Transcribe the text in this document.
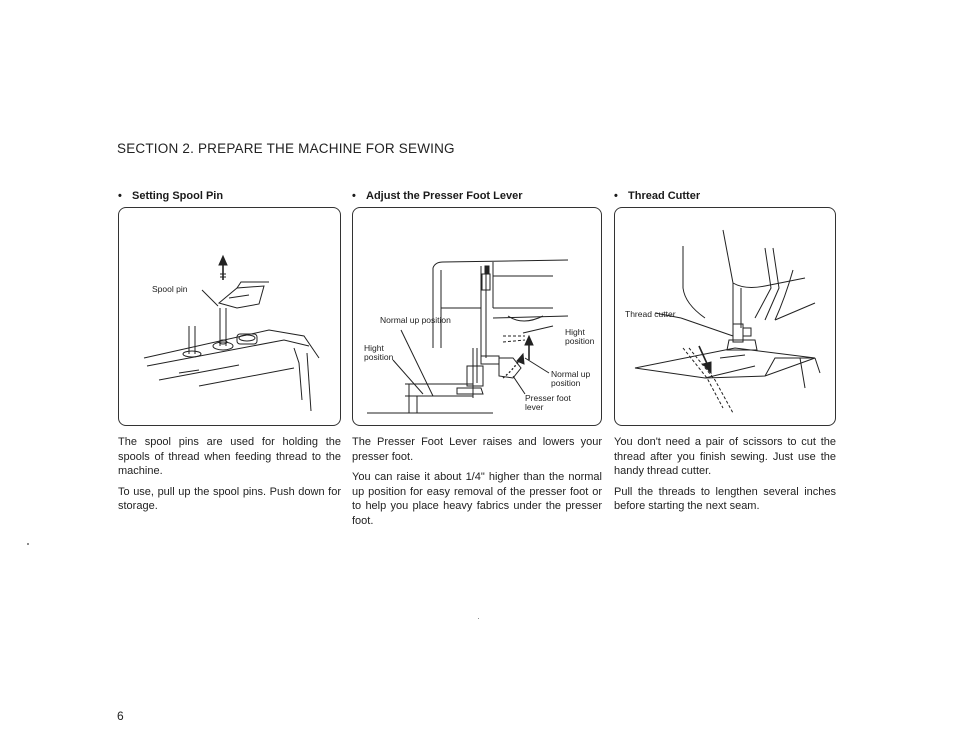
SECTION 2. PREPARE THE MACHINE FOR SEWING
• Setting Spool Pin
Spool pin

The spool pins are used for holding the spools of thread when feeding thread to the machine.

To use, pull up the spool pins. Push down for storage.

• Adjust the Presser Foot Lever
Normal up position
Hight position
Hight position
Normal up position
Presser foot lever

The Presser Foot Lever raises and lowers your presser foot.

You can raise it about 1/4" higher than the normal up position for easy removal of the presser foot or to help you place heavy fabrics under the presser foot.

• Thread Cutter
Thread cutter

You don't need a pair of scissors to cut the thread after you finish sewing. Just use the handy thread cutter.

Pull the threads to lengthen several inches before starting the next seam.

6
